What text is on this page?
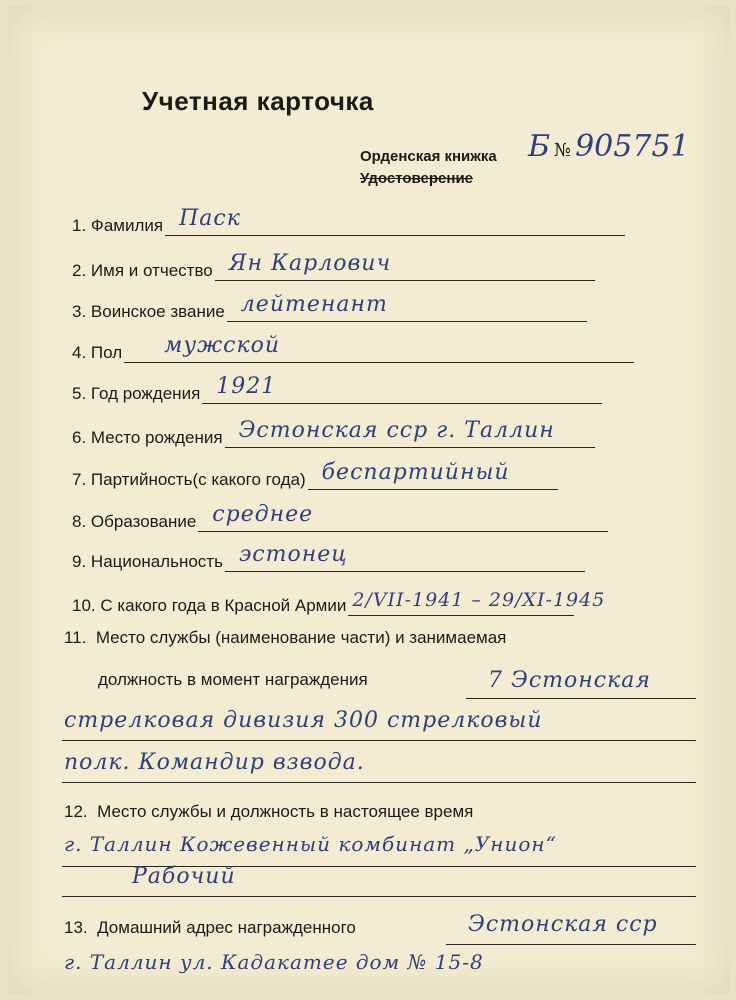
Учетная карточка
Орденская книжка
Удостоверение
Б № 905751
1.
Фамилия Паск
2.
Имя и отчество Ян Карлович
3.
Воинское звание лейтенант
4.
Пол мужской
5.
Год рождения 1921
6.
Место рождения Эстонская сср г. Таллин
7.
Партийность(с какого года) беспартийный
8.
Образование среднее
9.
Национальность эстонец
10.
С какого года в Красной Армии 2/VII-1941 – 29/XI-1945
11. Место службы (наименование части) и занимаемая
должность в момент награждения	7 Эстонская
стрелковая дивизия 300 стрелковый
полк. Командир взвода.
12. Место службы и должность в настоящее время
г. Таллин Кожевенный комбинат „Унион“
Рабочий
13. Домашний адрес награжденного	Эстонская сср
г. Таллин ул. Кадакатее дом № 15-8
